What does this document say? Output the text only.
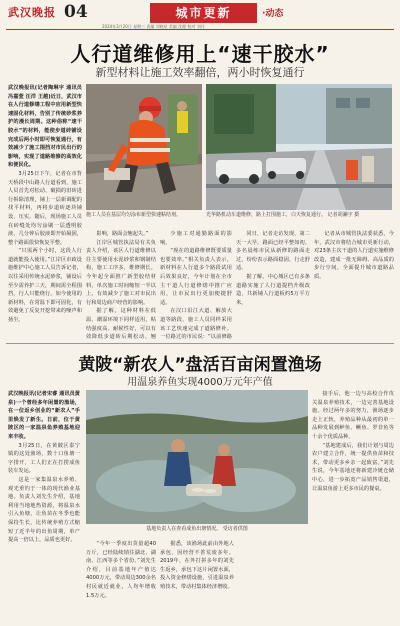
武汉晚报 04	城市更新	·动态
2024年3月20日 星期三 责编 刘晓星 美编 沈健 校对 刘丹
人行道维修用上“速干胶水”
新型材料让施工效率翻倍，两小时恢复通行
武汉晚报讯(记者陶琳宇 通讯员冯嘉萱 汪洋 王越)近日，武汉市在人行道修缮工程中应用新型快速固化材料，告别了传统砂浆养护的漫长周期。这种俗称“速干胶水”的材料，能使步道砖铺设完成后两小时即可恢复通行，有效减少了施工围挡对市民出行的影响，实现了道路维修的高效化和便民化。

3月25日下午，记者在市背天桥段中山路人行道看到，施工人员首先对松动、破损的旧砖进行拆除清理，铺上一层新调配的找平材料，再将步道砖逐块铺设、压实。随后，现场施工人员在砖缝处均匀涂刷一层透明胶液，几分钟后胶液即开始凝固，整个路面很快恢复平整。

“只需两个小时，这段人行道就能投入使用。”江岸区市政设施维护中心施工人员告诉记者，以往采用传统水泥砂浆，铺设后至少需养护三天，期间需全程围挡，行人只能绕行。如今使用的新材料，在常温下即可固化，有效避免了反复开挖带来的噪声和扬尘。

施工人员在基层均匀涂布新型快速粘结剂。	光华路机动车道维修，路上打围施工，白天恢复通行。 记者胡澜宇 摄

影响，路面会翘起失。”

江岸区城管执法局有关负责人介绍，该区人行道维修以往主要使用水泥砂浆和钢制结构，施工工序多，维修期长。今年起全面推广新型胶结材料，单次施工时间缩短一半以上，有效减少了施工对市民出行和周边商户经营的影响。

据了解，这种材料在低温、潮湿环境下同样适用，粘结强度高、耐候性好，可以有效降低步道砖后期松动、翘

少施工对通勤路面的影响。

“现在的道路维修既要质量也要效率。”相关负责人表示，新材料在人行道多个路段试用后效果良好，今年计划在全市主干道人行道修缮中推广应用，让市民出行更加便捷舒适。

在汉口沿江大道、解放大道等路段，施工人员同样采用该工艺快速完成了道路修补。一位路过的市民说：“以前修路

同日，记者走访发现，第二天一大早，路面已经平整如初。多名晨练市民从新修的路面走过，纷纷表示路面稳固、行走舒适。

据了解，中心城区已有多条道路实施了人行道提档升级改造，共新铺人行道板约5万平方米。

记者从市城管执法委获悉，今年，武汉市将结合城市更新行动，对23条主次干道的人行道实施维修改造，建成一批无障碍、高品质的步行空间，全面提升城市道路品质。

黄陂“新农人”盘活百亩闲置渔场
用温泉养鱼实现4000万元年产值
武汉晚报讯(记者宋睿 通讯员黄泉)一个曾经多年闲置的渔场，在一位返乡创业的“新农人”手里焕发了新生。日前，位于黄陂区的一家温泉鱼养殖基地迎来丰收。

3月25日，在黄陂区泰宁镇的这处渔场，数十口鱼塘一字排开，工人们正在打捞成鱼装车发运。

这是一家集温泉水养殖、观光垂钓于一体的现代渔业基地。负责人刘先生介绍，基地利用当地地热资源，将温泉水引入鱼塘，让鱼苗在冬季也能保持生长，比传统养殖方式缩短了近半年的出鱼周期，单产提高一倍以上，品质也更好。

基地负责人在查看成鱼出塘情况。 受访者供图

“今年一季度出货量超40万斤，已经陆续销往湖北、湖南、江西等多个省份。”刘先生介绍，目前基地年产值达4000万元，带动周边300余名村民就近就业，人均年增收1.5万元。

据悉，该渔场此前由外地人承包，因经营不善荒废多年。2019年，在外打拼多年的刘先生返乡，承包下这片闲置水面，投入资金修缮设施，引进温泉养殖技术，带动村集体经济增收。

接手后，他一边与高校合作攻关温泉养殖技术，一边完善基地设施。经过两年多的努力，渔场逐步走上正轨，养殖品种从最初的单一品种发展到鲈鱼、鳜鱼、罗非鱼等十余个优质品种。

“基地建成后，我们计划与周边农户建立合作，统一提供鱼苗和技术，带动更多乡亲一起致富。”刘先生说，今年基地还将新建冷链仓储中心，进一步拓宽产品销售渠道，让温泉鱼游上更多市民的餐桌。
